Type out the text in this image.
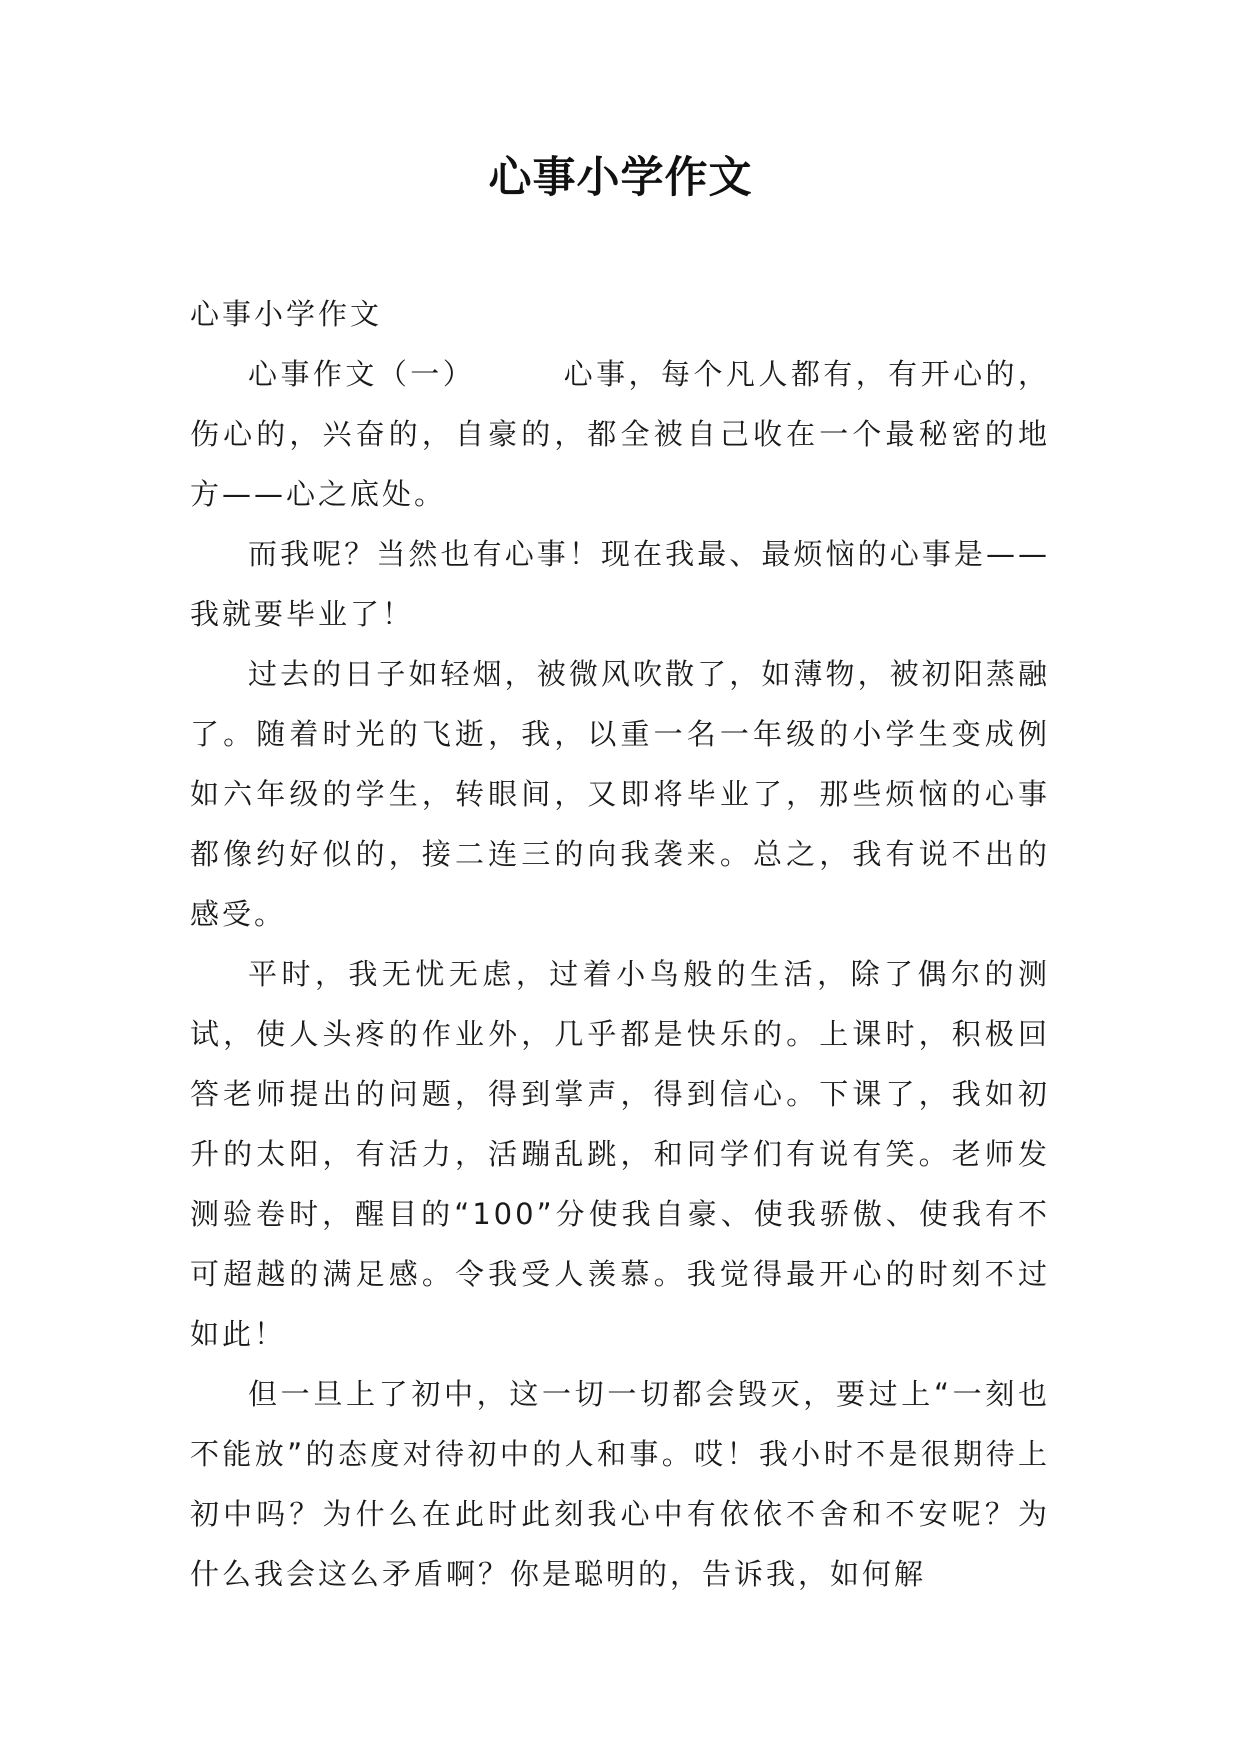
心事小学作文

心事小学作文

心事作文（一）	心事，每个凡人都有，有开心的，伤心的，兴奋的，自豪的，都全被自己收在一个最秘密的地方——心之底处。

而我呢？当然也有心事！现在我最、最烦恼的心事是——我就要毕业了！

过去的日子如轻烟，被微风吹散了，如薄物，被初阳蒸融了。随着时光的飞逝，我，以重一名一年级的小学生变成例如六年级的学生，转眼间，又即将毕业了，那些烦恼的心事都像约好似的，接二连三的向我袭来。总之，我有说不出的感受。

平时，我无忧无虑，过着小鸟般的生活，除了偶尔的测试，使人头疼的作业外，几乎都是快乐的。上课时，积极回答老师提出的问题，得到掌声，得到信心。下课了，我如初升的太阳，有活力，活蹦乱跳，和同学们有说有笑。老师发测验卷时，醒目的“100”分使我自豪、使我骄傲、使我有不可超越的满足感。令我受人羡慕。我觉得最开心的时刻不过如此！

但一旦上了初中，这一切一切都会毁灭，要过上“一刻也不能放”的态度对待初中的人和事。哎！我小时不是很期待上初中吗？为什么在此时此刻我心中有依依不舍和不安呢？为什么我会这么矛盾啊？你是聪明的，告诉我，如何解
